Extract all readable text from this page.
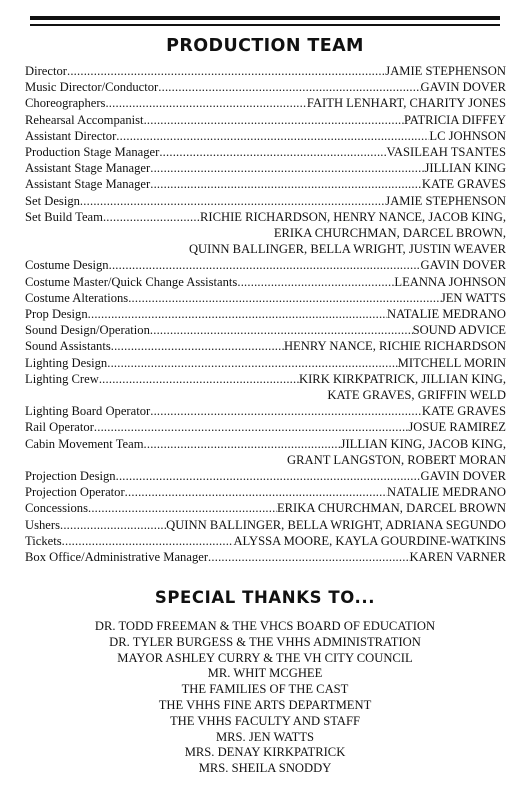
PRODUCTION TEAM
Director .....	JAMIE STEPHENSON
Music Director/Conductor .....	GAVIN DOVER
Choreographers .....	FAITH LENHART, CHARITY JONES
Rehearsal Accompanist .....	PATRICIA DIFFEY
Assistant Director .....	LC JOHNSON
Production Stage Manager .....	VASILEAH TSANTES
Assistant Stage Manager .....	JILLIAN KING
Assistant Stage Manager .....	KATE GRAVES
Set Design .....	JAMIE STEPHENSON
Set Build Team .....	RICHIE RICHARDSON, HENRY NANCE, JACOB KING,
ERIKA CHURCHMAN, DARCEL BROWN,
QUINN BALLINGER, BELLA WRIGHT, JUSTIN WEAVER
Costume Design .....	GAVIN DOVER
Costume Master/Quick Change Assistants .....	LEANNA JOHNSON
Costume Alterations .....	JEN WATTS
Prop Design .....	NATALIE MEDRANO
Sound Design/Operation .....	SOUND ADVICE
Sound Assistants .....	HENRY NANCE, RICHIE RICHARDSON
Lighting Design .....	MITCHELL MORIN
Lighting Crew .....	KIRK KIRKPATRICK, JILLIAN KING,
KATE GRAVES, GRIFFIN WELD
Lighting Board Operator .....	KATE GRAVES
Rail Operator .....	JOSUE RAMIREZ
Cabin Movement Team .....	JILLIAN KING, JACOB KING,
GRANT LANGSTON, ROBERT MORAN
Projection Design .....	GAVIN DOVER
Projection Operator .....	NATALIE MEDRANO
Concessions .....	ERIKA CHURCHMAN, DARCEL BROWN
Ushers .....	QUINN BALLINGER, BELLA WRIGHT, ADRIANA SEGUNDO
Tickets .....	ALYSSA MOORE, KAYLA GOURDINE-WATKINS
Box Office/Administrative Manager .....	KAREN VARNER
SPECIAL THANKS TO...
DR. TODD FREEMAN & THE VHCS BOARD OF EDUCATION
DR. TYLER BURGESS & THE VHHS ADMINISTRATION
MAYOR ASHLEY CURRY & THE VH CITY COUNCIL
MR. WHIT MCGHEE
THE FAMILIES OF THE CAST
THE VHHS FINE ARTS DEPARTMENT
THE VHHS FACULTY AND STAFF
MRS. JEN WATTS
MRS. DENAY KIRKPATRICK
MRS. SHEILA SNODDY
